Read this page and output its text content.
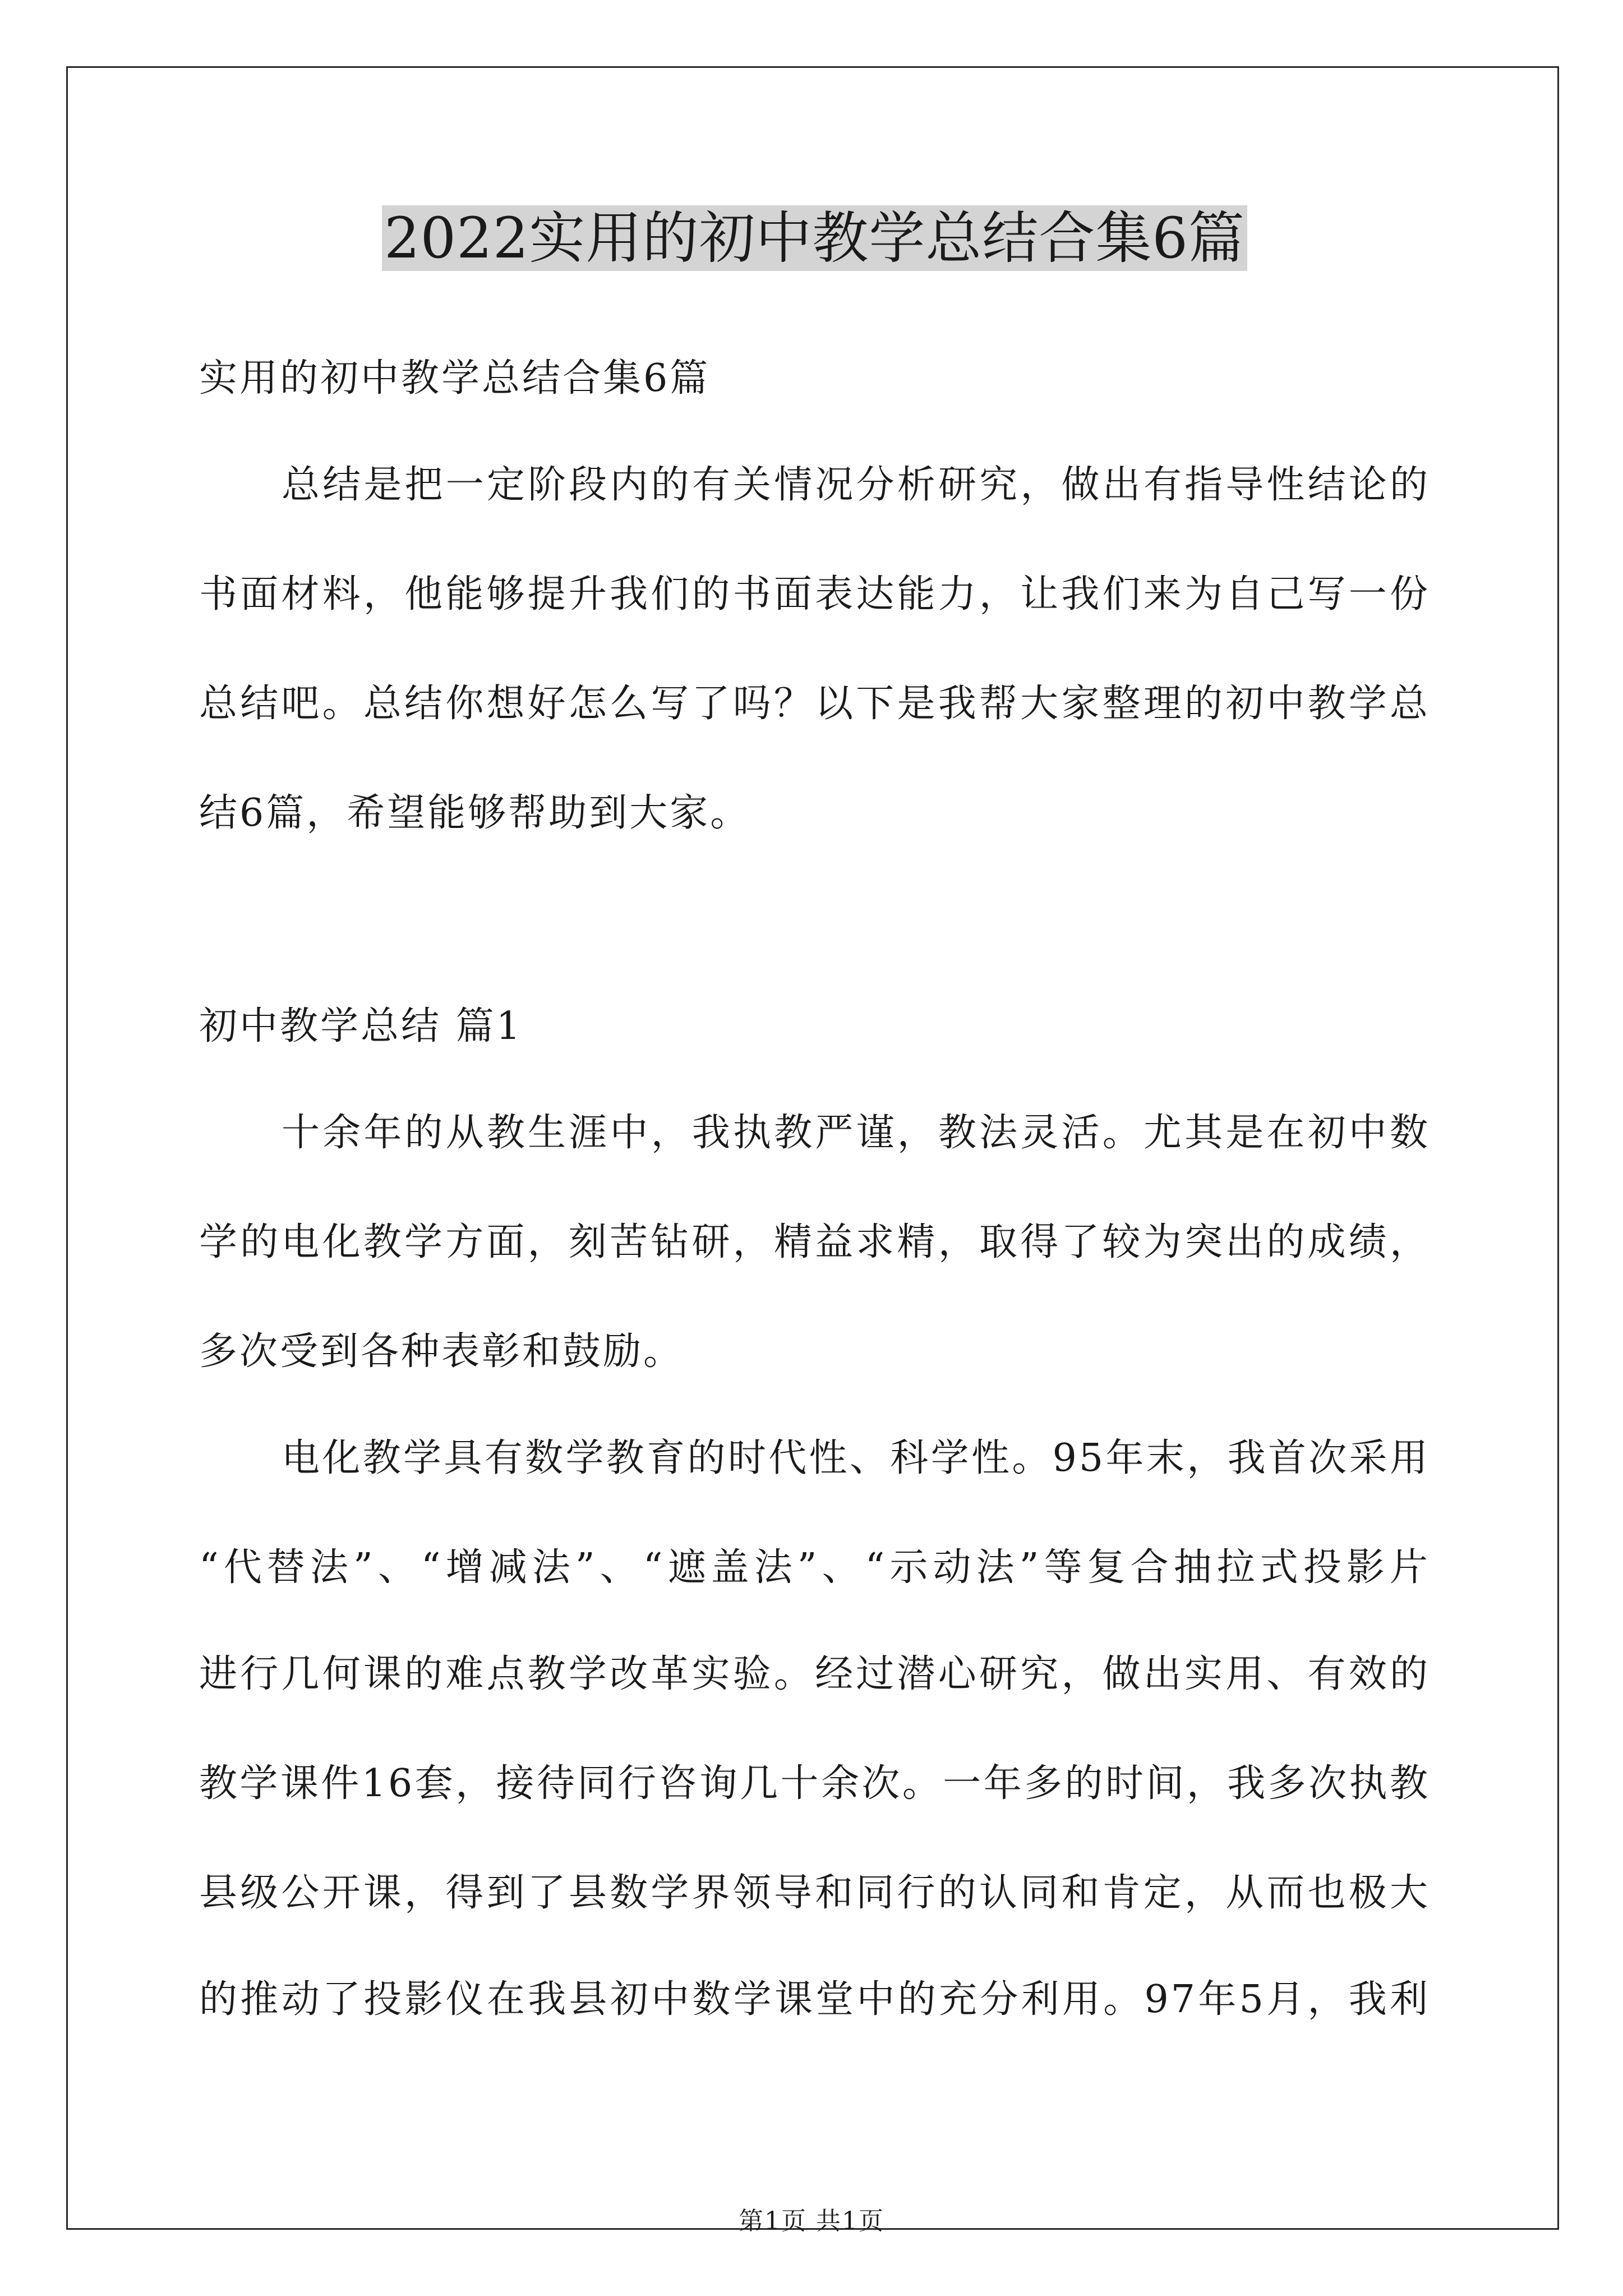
2022实用的初中教学总结合集6篇
实用的初中教学总结合集6篇
总结是把一定阶段内的有关情况分析研究，做出有指导性结论的
书面材料，他能够提升我们的书面表达能力，让我们来为自己写一份
总结吧。总结你想好怎么写了吗？以下是我帮大家整理的初中教学总
结6篇，希望能够帮助到大家。
初中教学总结 篇1
十余年的从教生涯中，我执教严谨，教法灵活。尤其是在初中数
学的电化教学方面，刻苦钻研，精益求精，取得了较为突出的成绩，
多次受到各种表彰和鼓励。
电化教学具有数学教育的时代性、科学性。95年末，我首次采用
“代替法”、“增减法”、“遮盖法”、“示动法”等复合抽拉式投影片
进行几何课的难点教学改革实验。经过潜心研究，做出实用、有效的
教学课件16套，接待同行咨询几十余次。一年多的时间，我多次执教
县级公开课，得到了县数学界领导和同行的认同和肯定，从而也极大
的推动了投影仪在我县初中数学课堂中的充分利用。97年5月，我利
第1页 共1页
